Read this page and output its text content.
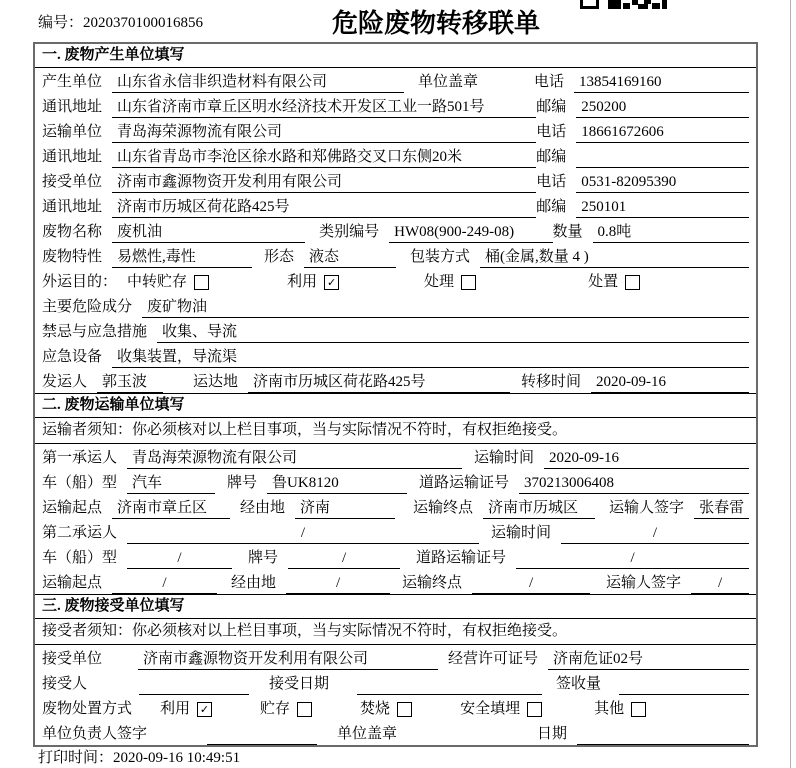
编号：2020370100016856	危险废物转移联单
一. 废物产生单位填写
产生单位	山东省永信非织造材料有限公司	单位盖章	电话	13854169160
通讯地址	山东省济南市章丘区明水经济技术开发区工业一路501号	邮编	250200
运输单位	青岛海荣源物流有限公司	电话	18661672606
通讯地址	山东省青岛市李沧区徐水路和郑佛路交叉口东侧20米	邮编
接受单位	济南市鑫源物资开发利用有限公司	电话	0531-82095390
通讯地址	济南市历城区荷花路425号	邮编	250101
废物名称	废机油	类别编号	HW08(900-249-08)	数量	0.8吨
废物特性	易燃性,毒性	形态	液态	包装方式	桶(金属,数量 4 )
外运目的： 中转贮存	利用 ✓	处理	处置
主要危险成分	废矿物油
禁忌与应急措施	收集、导流
应急设备	收集装置，导流渠
发运人	郭玉波	运达地	济南市历城区荷花路425号	转移时间	2020-09-16
二. 废物运输单位填写
运输者须知：你必须核对以上栏目事项，当与实际情况不符时，有权拒绝接受。
第一承运人	青岛海荣源物流有限公司	运输时间	2020-09-16
车（船）型	汽车	牌号	鲁UK8120	道路运输证号	370213006408
运输起点	济南市章丘区	经由地	济南	运输终点	济南市历城区	运输人签字	张春雷
第二承运人	/	运输时间	/
车（船）型	/	牌号	/	道路运输证号	/
运输起点	/	经由地	/	运输终点	/	运输人签字	/
三. 废物接受单位填写
接受者须知：你必须核对以上栏目事项，当与实际情况不符时，有权拒绝接受。
接受单位	济南市鑫源物资开发利用有限公司	经营许可证号	济南危证02号
接受人	接受日期	签收量
废物处置方式 利用 ✓	贮存	焚烧	安全填埋	其他
单位负责人签字	单位盖章	日期
打印时间：2020-09-16 10:49:51
